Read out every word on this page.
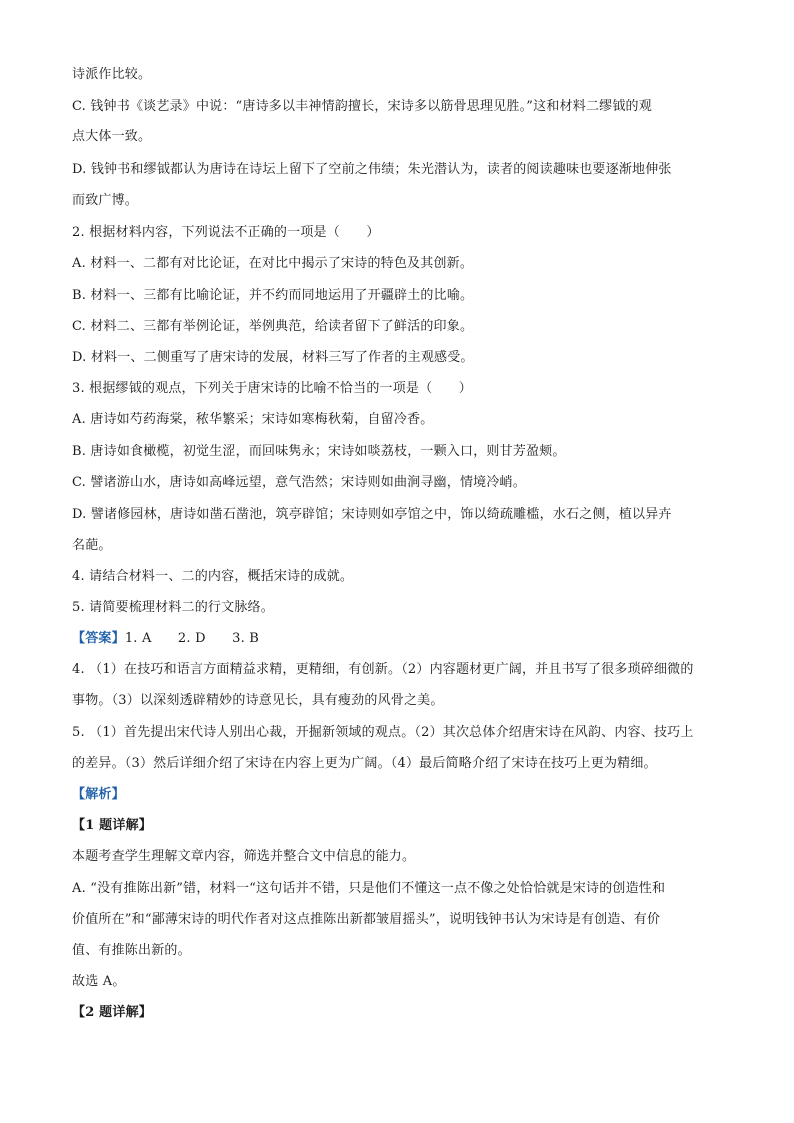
诗派作比较。
C. 钱钟书《谈艺录》中说：“唐诗多以丰神情韵擅长，宋诗多以筋骨思理见胜。”这和材料二缪钺的观
点大体一致。
D. 钱钟书和缪钺都认为唐诗在诗坛上留下了空前之伟绩；朱光潜认为，读者的阅读趣味也要逐渐地伸张
而致广博。
2. 根据材料内容，下列说法不正确的一项是（　　）
A. 材料一、二都有对比论证，在对比中揭示了宋诗的特色及其创新。
B. 材料一、三都有比喻论证，并不约而同地运用了开疆辟土的比喻。
C. 材料二、三都有举例论证，举例典范，给读者留下了鲜活的印象。
D. 材料一、二侧重写了唐宋诗的发展，材料三写了作者的主观感受。
3. 根据缪钺的观点，下列关于唐宋诗的比喻不恰当的一项是（　　）
A. 唐诗如芍药海棠，秾华繁采；宋诗如寒梅秋菊，自留冷香。
B. 唐诗如食橄榄，初觉生涩，而回味隽永；宋诗如啖荔枝，一颗入口，则甘芳盈颊。
C. 譬诸游山水，唐诗如高峰远望，意气浩然；宋诗则如曲涧寻幽，情境冷峭。
D. 譬诸修园林，唐诗如凿石凿池，筑亭辟馆；宋诗则如亭馆之中，饰以绮疏雕槛，水石之侧，植以异卉
名葩。
4. 请结合材料一、二的内容，概括宋诗的成就。
5. 请简要梳理材料二的行文脉络。
【答案】1. A　　2. D　　3. B
4. （1）在技巧和语言方面精益求精，更精细，有创新。（2）内容题材更广阔，并且书写了很多琐碎细微的
事物。（3）以深刻透辟精妙的诗意见长，具有瘦劲的风骨之美。
5. （1）首先提出宋代诗人别出心裁，开掘新领域的观点。（2）其次总体介绍唐宋诗在风韵、内容、技巧上
的差异。（3）然后详细介绍了宋诗在内容上更为广阔。（4）最后简略介绍了宋诗在技巧上更为精细。
【解析】
【1 题详解】
本题考查学生理解文章内容，筛选并整合文中信息的能力。
A. “没有推陈出新”错，材料一“这句话并不错，只是他们不懂这一点不像之处恰恰就是宋诗的创造性和
价值所在”和“鄙薄宋诗的明代作者对这点推陈出新都皱眉摇头”，说明钱钟书认为宋诗是有创造、有价
值、有推陈出新的。
故选 A。
【2 题详解】
